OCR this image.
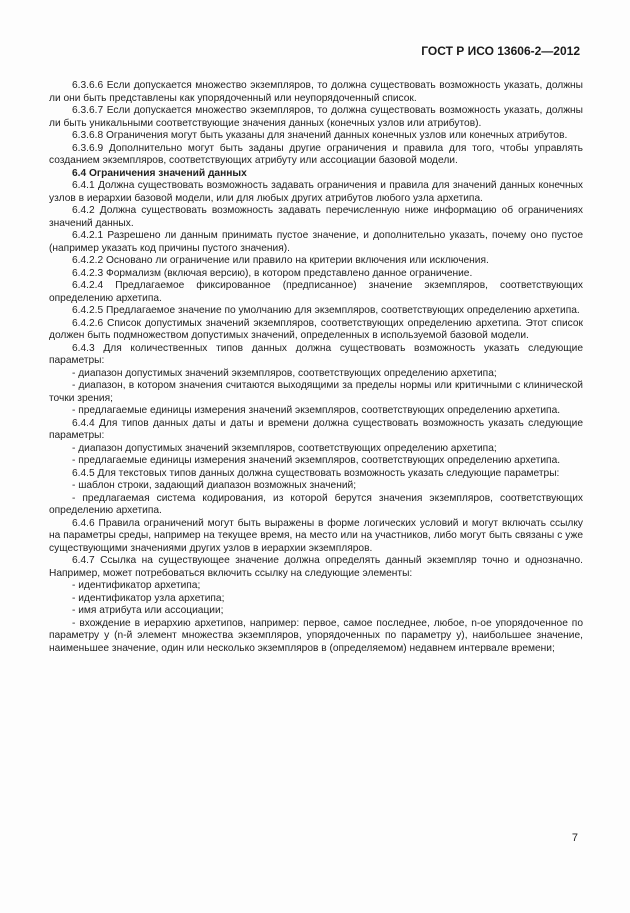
ГОСТ Р ИСО 13606-2—2012

6.3.6.6 Если допускается множество экземпляров, то должна существовать возможность указать, должны ли они быть представлены как упорядоченный или неупорядоченный список.

6.3.6.7 Если допускается множество экземпляров, то должна существовать возможность указать, должны ли быть уникальными соответствующие значения данных (конечных узлов или атрибутов).

6.3.6.8 Ограничения могут быть указаны для значений данных конечных узлов или конечных атрибутов.

6.3.6.9 Дополнительно могут быть заданы другие ограничения и правила для того, чтобы управлять созданием экземпляров, соответствующих атрибуту или ассоциации базовой модели.

6.4 Ограничения значений данных

6.4.1 Должна существовать возможность задавать ограничения и правила для значений данных конечных узлов в иерархии базовой модели, или для любых других атрибутов любого узла архетипа.

6.4.2 Должна существовать возможность задавать перечисленную ниже информацию об ограничениях значений данных.

6.4.2.1 Разрешено ли данным принимать пустое значение, и дополнительно указать, почему оно пустое (например указать код причины пустого значения).

6.4.2.2 Основано ли ограничение или правило на критерии включения или исключения.

6.4.2.3 Формализм (включая версию), в котором представлено данное ограничение.

6.4.2.4 Предлагаемое фиксированное (предписанное) значение экземпляров, соответствующих определению архетипа.

6.4.2.5 Предлагаемое значение по умолчанию для экземпляров, соответствующих определению архетипа.

6.4.2.6 Список допустимых значений экземпляров, соответствующих определению архетипа. Этот список должен быть подмножеством допустимых значений, определенных в используемой базовой модели.

6.4.3 Для количественных типов данных должна существовать возможность указать следующие параметры:

- диапазон допустимых значений экземпляров, соответствующих определению архетипа;

- диапазон, в котором значения считаются выходящими за пределы нормы или критичными с клинической точки зрения;

- предлагаемые единицы измерения значений экземпляров, соответствующих определению архетипа.

6.4.4 Для типов данных даты и даты и времени должна существовать возможность указать следующие параметры:

- диапазон допустимых значений экземпляров, соответствующих определению архетипа;

- предлагаемые единицы измерения значений экземпляров, соответствующих определению архетипа.

6.4.5 Для текстовых типов данных должна существовать возможность указать следующие параметры:

- шаблон строки, задающий диапазон возможных значений;

- предлагаемая система кодирования, из которой берутся значения экземпляров, соответствующих определению архетипа.

6.4.6 Правила ограничений могут быть выражены в форме логических условий и могут включать ссылку на параметры среды, например на текущее время, на место или на участников, либо могут быть связаны с уже существующими значениями других узлов в иерархии экземпляров.

6.4.7 Ссылка на существующее значение должна определять данный экземпляр точно и однозначно. Например, может потребоваться включить ссылку на следующие элементы:

- идентификатор архетипа;

- идентификатор узла архетипа;

- имя атрибута или ассоциации;

- вхождение в иерархию архетипов, например: первое, самое последнее, любое, n-ое упорядоченное по параметру y (n-й элемент множества экземпляров, упорядоченных по параметру y), наибольшее значение, наименьшее значение, один или несколько экземпляров в (определяемом) недавнем интервале времени;

7
